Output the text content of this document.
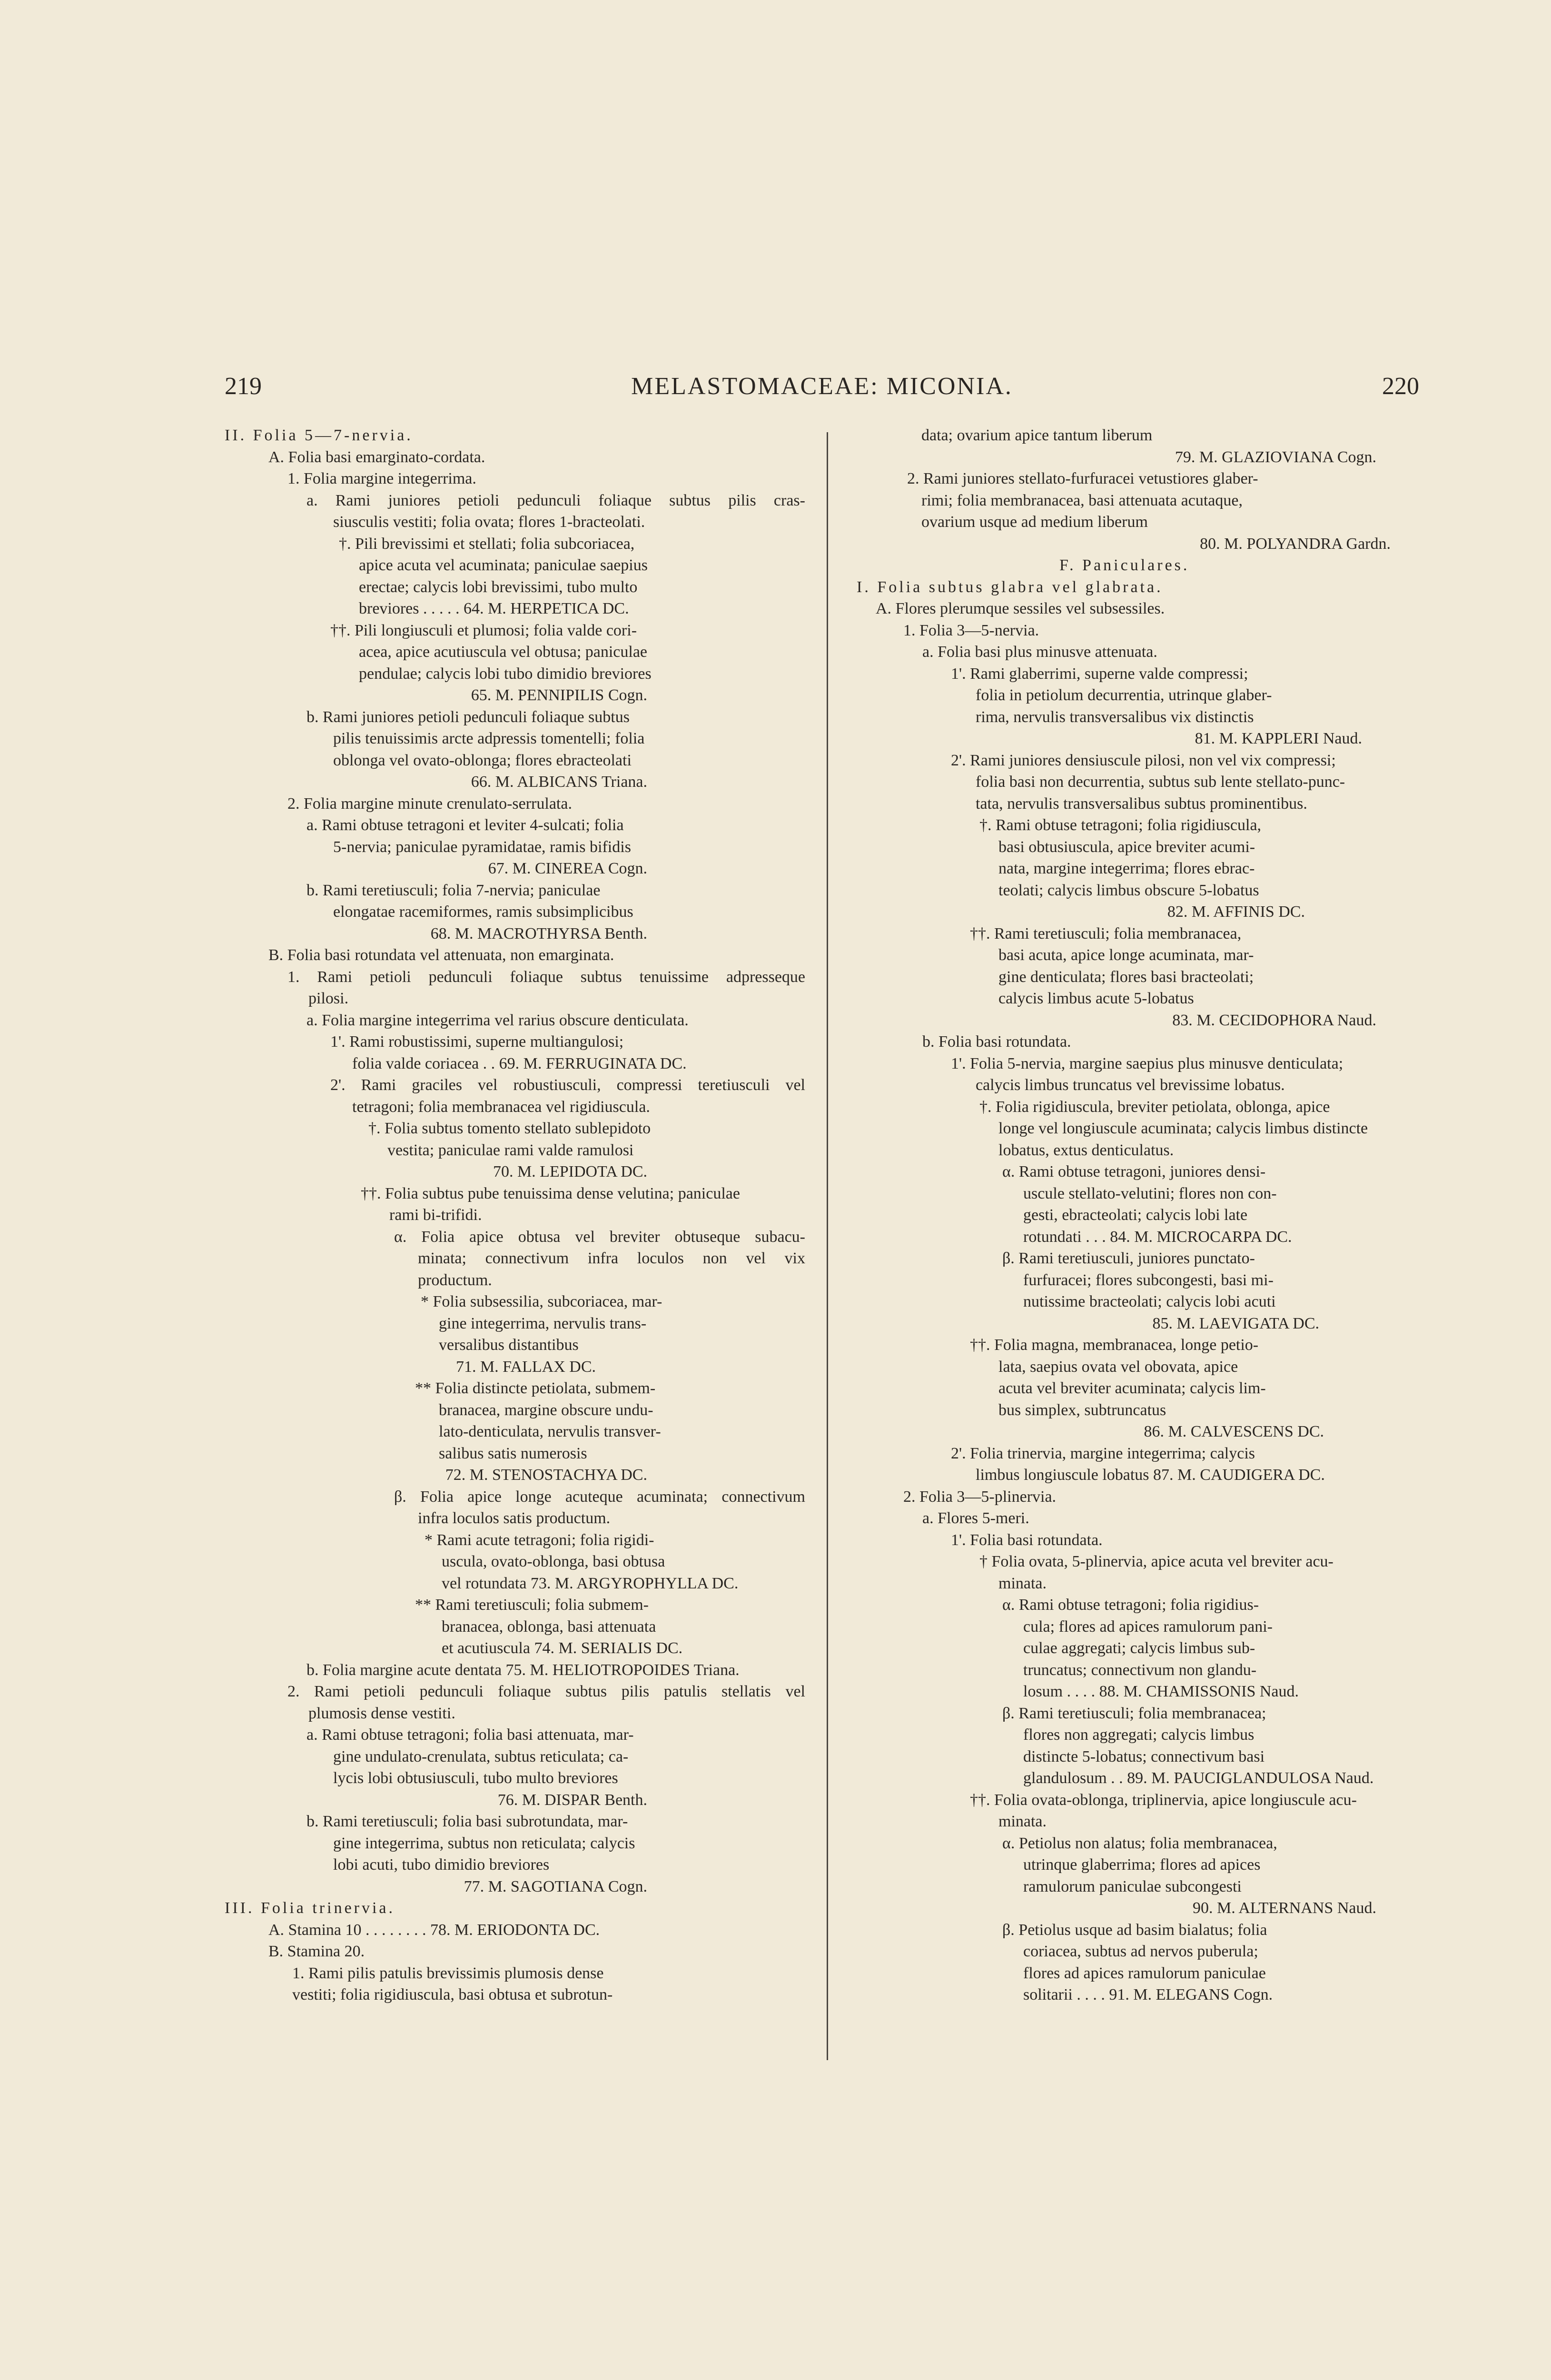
219	MELASTOMACEAE: MICONIA.	220
II. Folia 5—7-nervia.
A. Folia basi emarginato-cordata.
1. Folia margine integerrima.
a. Rami juniores petioli pedunculi foliaque subtus pilis cras-
siusculis vestiti; folia ovata; flores 1-bracteolati.
†. Pili brevissimi et stellati; folia subcoriacea,
apice acuta vel acuminata; paniculae saepius
erectae; calycis lobi brevissimi, tubo multo
breviores . . . . . 64. M. HERPETICA DC.
††. Pili longiusculi et plumosi; folia valde cori-
acea, apice acutiuscula vel obtusa; paniculae
pendulae; calycis lobi tubo dimidio breviores
65. M. PENNIPILIS Cogn.
b. Rami juniores petioli pedunculi foliaque subtus
pilis tenuissimis arcte adpressis tomentelli; folia
oblonga vel ovato-oblonga; flores ebracteolati
66. M. ALBICANS Triana.
2. Folia margine minute crenulato-serrulata.
a. Rami obtuse tetragoni et leviter 4-sulcati; folia
5-nervia; paniculae pyramidatae, ramis bifidis
67. M. CINEREA Cogn.
b. Rami teretiusculi; folia 7-nervia; paniculae
elongatae racemiformes, ramis subsimplicibus
68. M. MACROTHYRSA Benth.
B. Folia basi rotundata vel attenuata, non emarginata.
1. Rami petioli pedunculi foliaque subtus tenuissime adpresseque
pilosi.
a. Folia margine integerrima vel rarius obscure denticulata.
1'. Rami robustissimi, superne multiangulosi;
folia valde coriacea . . 69. M. FERRUGINATA DC.
2'. Rami graciles vel robustiusculi, compressi teretiusculi vel
tetragoni; folia membranacea vel rigidiuscula.
†. Folia subtus tomento stellato sublepidoto
vestita; paniculae rami valde ramulosi
70. M. LEPIDOTA DC.
††. Folia subtus pube tenuissima dense velutina; paniculae
rami bi-trifidi.
α. Folia apice obtusa vel breviter obtuseque subacu-
minata; connectivum infra loculos non vel vix
productum.
* Folia subsessilia, subcoriacea, mar-
gine integerrima, nervulis trans-
versalibus distantibus
71. M. FALLAX DC.
** Folia distincte petiolata, submem-
branacea, margine obscure undu-
lato-denticulata, nervulis transver-
salibus satis numerosis
72. M. STENOSTACHYA DC.
β. Folia apice longe acuteque acuminata; connectivum
infra loculos satis productum.
* Rami acute tetragoni; folia rigidi-
uscula, ovato-oblonga, basi obtusa
vel rotundata 73. M. ARGYROPHYLLA DC.
** Rami teretiusculi; folia submem-
branacea, oblonga, basi attenuata
et acutiuscula 74. M. SERIALIS DC.
b. Folia margine acute dentata 75. M. HELIOTROPOIDES Triana.
2. Rami petioli pedunculi foliaque subtus pilis patulis stellatis vel
plumosis dense vestiti.
a. Rami obtuse tetragoni; folia basi attenuata, mar-
gine undulato-crenulata, subtus reticulata; ca-
lycis lobi obtusiusculi, tubo multo breviores
76. M. DISPAR Benth.
b. Rami teretiusculi; folia basi subrotundata, mar-
gine integerrima, subtus non reticulata; calycis
lobi acuti, tubo dimidio breviores
77. M. SAGOTIANA Cogn.
III. Folia trinervia.
A. Stamina 10 . . . . . . . . 78. M. ERIODONTA DC.
B. Stamina 20.
1. Rami pilis patulis brevissimis plumosis dense
vestiti; folia rigidiuscula, basi obtusa et subrotun-
data; ovarium apice tantum liberum
79. M. GLAZIOVIANA Cogn.
2. Rami juniores stellato-furfuracei vetustiores glaber-
rimi; folia membranacea, basi attenuata acutaque,
ovarium usque ad medium liberum
80. M. POLYANDRA Gardn.
F. Paniculares.
I. Folia subtus glabra vel glabrata.
A. Flores plerumque sessiles vel subsessiles.
1. Folia 3—5-nervia.
a. Folia basi plus minusve attenuata.
1'. Rami glaberrimi, superne valde compressi;
folia in petiolum decurrentia, utrinque glaber-
rima, nervulis transversalibus vix distinctis
81. M. KAPPLERI Naud.
2'. Rami juniores densiuscule pilosi, non vel vix compressi;
folia basi non decurrentia, subtus sub lente stellato-punc-
tata, nervulis transversalibus subtus prominentibus.
†. Rami obtuse tetragoni; folia rigidiuscula,
basi obtusiuscula, apice breviter acumi-
nata, margine integerrima; flores ebrac-
teolati; calycis limbus obscure 5-lobatus
82. M. AFFINIS DC.
††. Rami teretiusculi; folia membranacea,
basi acuta, apice longe acuminata, mar-
gine denticulata; flores basi bracteolati;
calycis limbus acute 5-lobatus
83. M. CECIDOPHORA Naud.
b. Folia basi rotundata.
1'. Folia 5-nervia, margine saepius plus minusve denticulata;
calycis limbus truncatus vel brevissime lobatus.
†. Folia rigidiuscula, breviter petiolata, oblonga, apice
longe vel longiuscule acuminata; calycis limbus distincte
lobatus, extus denticulatus.
α. Rami obtuse tetragoni, juniores densi-
uscule stellato-velutini; flores non con-
gesti, ebracteolati; calycis lobi late
rotundati . . . 84. M. MICROCARPA DC.
β. Rami teretiusculi, juniores punctato-
furfuracei; flores subcongesti, basi mi-
nutissime bracteolati; calycis lobi acuti
85. M. LAEVIGATA DC.
††. Folia magna, membranacea, longe petio-
lata, saepius ovata vel obovata, apice
acuta vel breviter acuminata; calycis lim-
bus simplex, subtruncatus
86. M. CALVESCENS DC.
2'. Folia trinervia, margine integerrima; calycis
limbus longiuscule lobatus 87. M. CAUDIGERA DC.
2. Folia 3—5-plinervia.
a. Flores 5-meri.
1'. Folia basi rotundata.
† Folia ovata, 5-plinervia, apice acuta vel breviter acu-
minata.
α. Rami obtuse tetragoni; folia rigidius-
cula; flores ad apices ramulorum pani-
culae aggregati; calycis limbus sub-
truncatus; connectivum non glandu-
losum . . . . 88. M. CHAMISSONIS Naud.
β. Rami teretiusculi; folia membranacea;
flores non aggregati; calycis limbus
distincte 5-lobatus; connectivum basi
glandulosum . . 89. M. PAUCIGLANDULOSA Naud.
††. Folia ovata-oblonga, triplinervia, apice longiuscule acu-
minata.
α. Petiolus non alatus; folia membranacea,
utrinque glaberrima; flores ad apices
ramulorum paniculae subcongesti
90. M. ALTERNANS Naud.
β. Petiolus usque ad basim bialatus; folia
coriacea, subtus ad nervos puberula;
flores ad apices ramulorum paniculae
solitarii . . . . 91. M. ELEGANS Cogn.
